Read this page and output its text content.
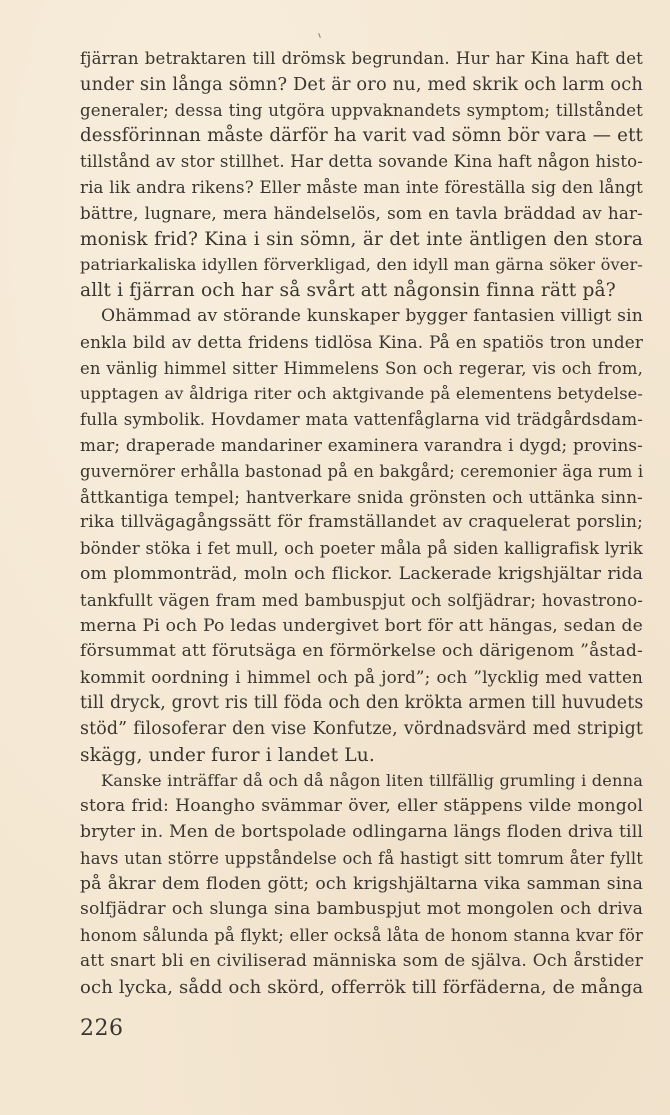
fjärran betraktaren till drömsk begrundan. Hur har Kina haft det
under sin långa sömn? Det är oro nu, med skrik och larm och
generaler; dessa ting utgöra uppvaknandets symptom; tillståndet
dessförinnan måste därför ha varit vad sömn bör vara — ett
tillstånd av stor stillhet. Har detta sovande Kina haft någon histo-
ria lik andra rikens? Eller måste man inte föreställa sig den långt
bättre, lugnare, mera händelselös, som en tavla bräddad av har-
monisk frid? Kina i sin sömn, är det inte äntligen den stora
patriarkaliska idyllen förverkligad, den idyll man gärna söker över-
allt i fjärran och har så svårt att någonsin finna rätt på?
Ohämmad av störande kunskaper bygger fantasien villigt sin
enkla bild av detta fridens tidlösa Kina. På en spatiös tron under
en vänlig himmel sitter Himmelens Son och regerar, vis och from,
upptagen av åldriga riter och aktgivande på elementens betydelse-
fulla symbolik. Hovdamer mata vattenfåglarna vid trädgårdsdam-
mar; draperade mandariner examinera varandra i dygd; provins-
guvernörer erhålla bastonad på en bakgård; ceremonier äga rum i
åttkantiga tempel; hantverkare snida grönsten och uttänka sinn-
rika tillvägagångssätt för framställandet av craquelerat porslin;
bönder stöka i fet mull, och poeter måla på siden kalligrafisk lyrik
om plommonträd, moln och flickor. Lackerade krigshjältar rida
tankfullt vägen fram med bambuspjut och solfjädrar; hovastrono-
merna Pi och Po ledas undergivet bort för att hängas, sedan de
försummat att förutsäga en förmörkelse och därigenom ”åstad-
kommit oordning i himmel och på jord”; och ”lycklig med vatten
till dryck, grovt ris till föda och den krökta armen till huvudets
stöd” filosoferar den vise Konfutze, vördnadsvärd med stripigt
skägg, under furor i landet Lu.
Kanske inträffar då och då någon liten tillfällig grumling i denna
stora frid: Hoangho svämmar över, eller stäppens vilde mongol
bryter in. Men de bortspolade odlingarna längs floden driva till
havs utan större uppståndelse och få hastigt sitt tomrum åter fyllt
på åkrar dem floden gött; och krigshjältarna vika samman sina
solfjädrar och slunga sina bambuspjut mot mongolen och driva
honom sålunda på flykt; eller också låta de honom stanna kvar för
att snart bli en civiliserad människa som de själva. Och årstider
och lycka, sådd och skörd, offerrök till förfäderna, de många
226
